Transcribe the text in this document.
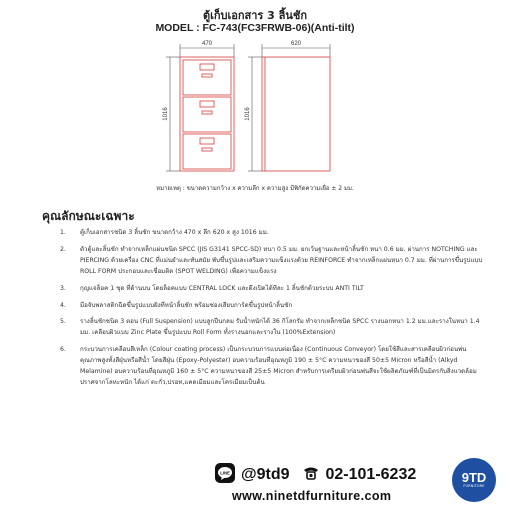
ตู้เก็บเอกสาร 3 ลิ้นชัก
MODEL : FC-743(FC3FRWB-06)(Anti-tilt)
470
1016
620
1016
หมายเหตุ : ขนาดความกว้าง x ความลึก x ความสูง มีพิกัดความเผื่อ ± 2 มม.
คุณลักษณะเฉพาะ
1. ตู้เก็บเอกสารชนิด 3 ลิ้นชัก ขนาดกว้าง 470 x ลึก 620 x สูง 1016 มม.
2. ตัวตู้และลิ้นชัก ทำจากเหล็กแผ่นชนิด SPCC (JIS G3141 SPCC-SD) หนา 0.5 มม. ยกเว้นฐานและหน้าลิ้นชัก หนา 0.6 มม. ผ่านการ NOTCHING และ PIERCING ด้วยเครื่อง CNC ที่แม่นยำและทันสมัย พับขึ้นรูปและเสริมความแข็งแรงด้วย REINFORCE ทำจากเหล็กแผ่นหนา 0.7 มม. ที่ผ่านการขึ้นรูปแบบ ROLL FORM ประกอบและเชื่อมติด (SPOT WELDING) เพื่อความแข็งแรง
3. กุญแจล็อค 1 ชุด ที่ด้านบน โดยล็อคแบบ CENTRAL LOCK และดึงเปิดได้ทีละ 1 ลิ้นชักด้วยระบบ ANTI TILT
4. มือจับพลาสติกฉีดขึ้นรูปแบบฝังที่หน้าลิ้นชัก พร้อมช่องเสียบการ์ดขึ้นรูปหน้าลิ้นชัก
5. รางลิ้นชักชนิด 3 ตอน (Full Suspension) แบบลูกปืนกลม รับน้ำหนักได้ 36 กิโลกรัม ทำจากเหล็กชนิด SPCC รางนอกหนา 1.2 มม.และรางในหนา 1.4 มม. เคลือบผิวแบบ Zinc Plate ขึ้นรูปแบบ Roll Form ทั้งรางนอกและรางใน (100%Extension)
6. กระบวนการเคลือบสีเหล็ก (Colour coating process) เป็นกระบวนการแบบต่อเนื่อง (Continuous Conveyor) โดยใช้สีและสารเคลือบผิวก่อนพ่นคุณภาพสูงทั้งสีฝุ่นหรือสีน้ำ โดยสีฝุ่น (Epoxy-Polyester) อบความร้อนที่อุณหภูมิ 190 ± 5°C ความหนาของสี 50±5 Micron หรือสีน้ำ (Alkyd Melamine) อบความร้อนที่อุณหภูมิ 160 ± 5°C ความหนาของสี 25±5 Micron สำหรับการเตรียมผิวก่อนพ่นสีจะใช้ผลิตภัณฑ์ที่เป็นมิตรกับสิ่งแวดล้อม ปราศจากโลหะหนัก ได้แก่ ตะกั่ว,ปรอท,แคดเมียมและโครเมียมเป็นต้น
LINE @9td9 02-101-6232
www.ninetdfurniture.com
9TD
FURNITURE
